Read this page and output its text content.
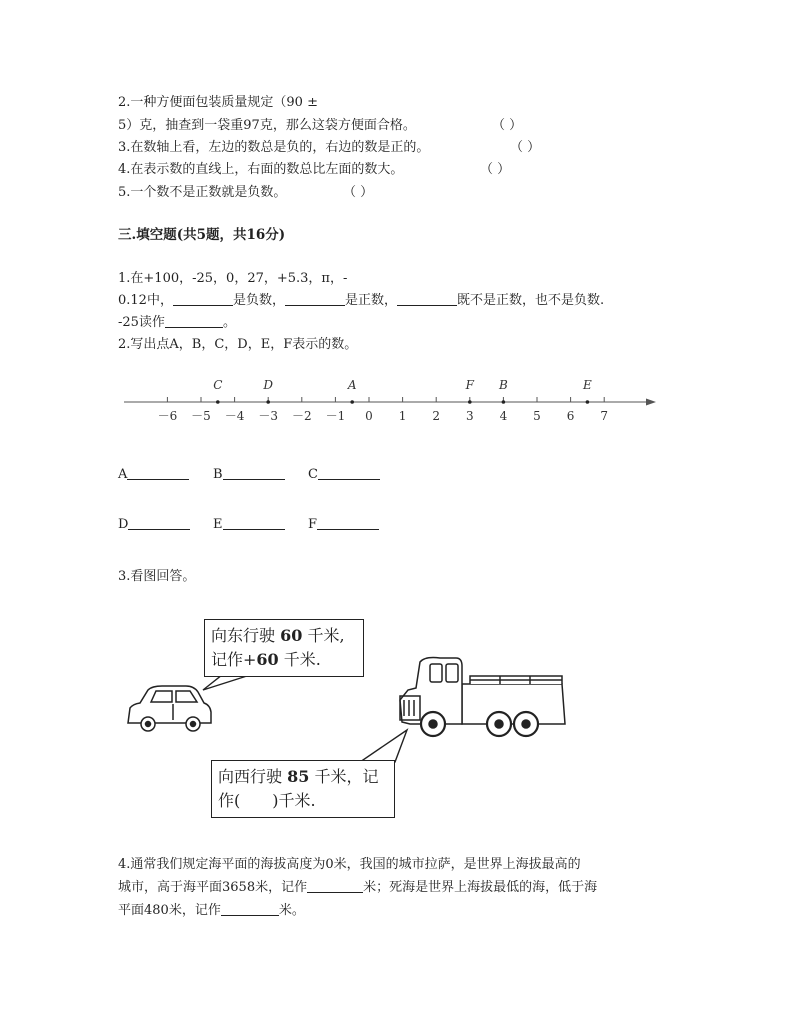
2.一种方便面包装质量规定（90 ±
5）克，抽查到一袋重97克，那么这袋方便面合格。	（ ）
3.在数轴上看，左边的数总是负的，右边的数是正的。	（ ）
4.在表示数的直线上，右面的数总比左面的数大。	（ ）
5.一个数不是正数就是负数。	（ ）
三.填空题(共5题，共16分)
1.在+100，-25，0，27，+5.3，π，-
0.12中，	是负数，	是正数，	既不是正数，也不是负数.
-25读作	。
2.写出点A，B，C，D，E，F表示的数。
－6 －5 －4 －3 －2 －1 0 1 2 3 4 5 6 7
C	D	A	F B	E
A	B	C
D	E	F
3.看图回答。
向东行驶 60 千米,
记作+60 千米.
向西行驶 85 千米，记
作(　　)千米.
4.通常我们规定海平面的海拔高度为0米，我国的城市拉萨，是世界上海拔最高的
城市，高于海平面3658米，记作	米；死海是世界上海拔最低的海，低于海
平面480米，记作	米。
